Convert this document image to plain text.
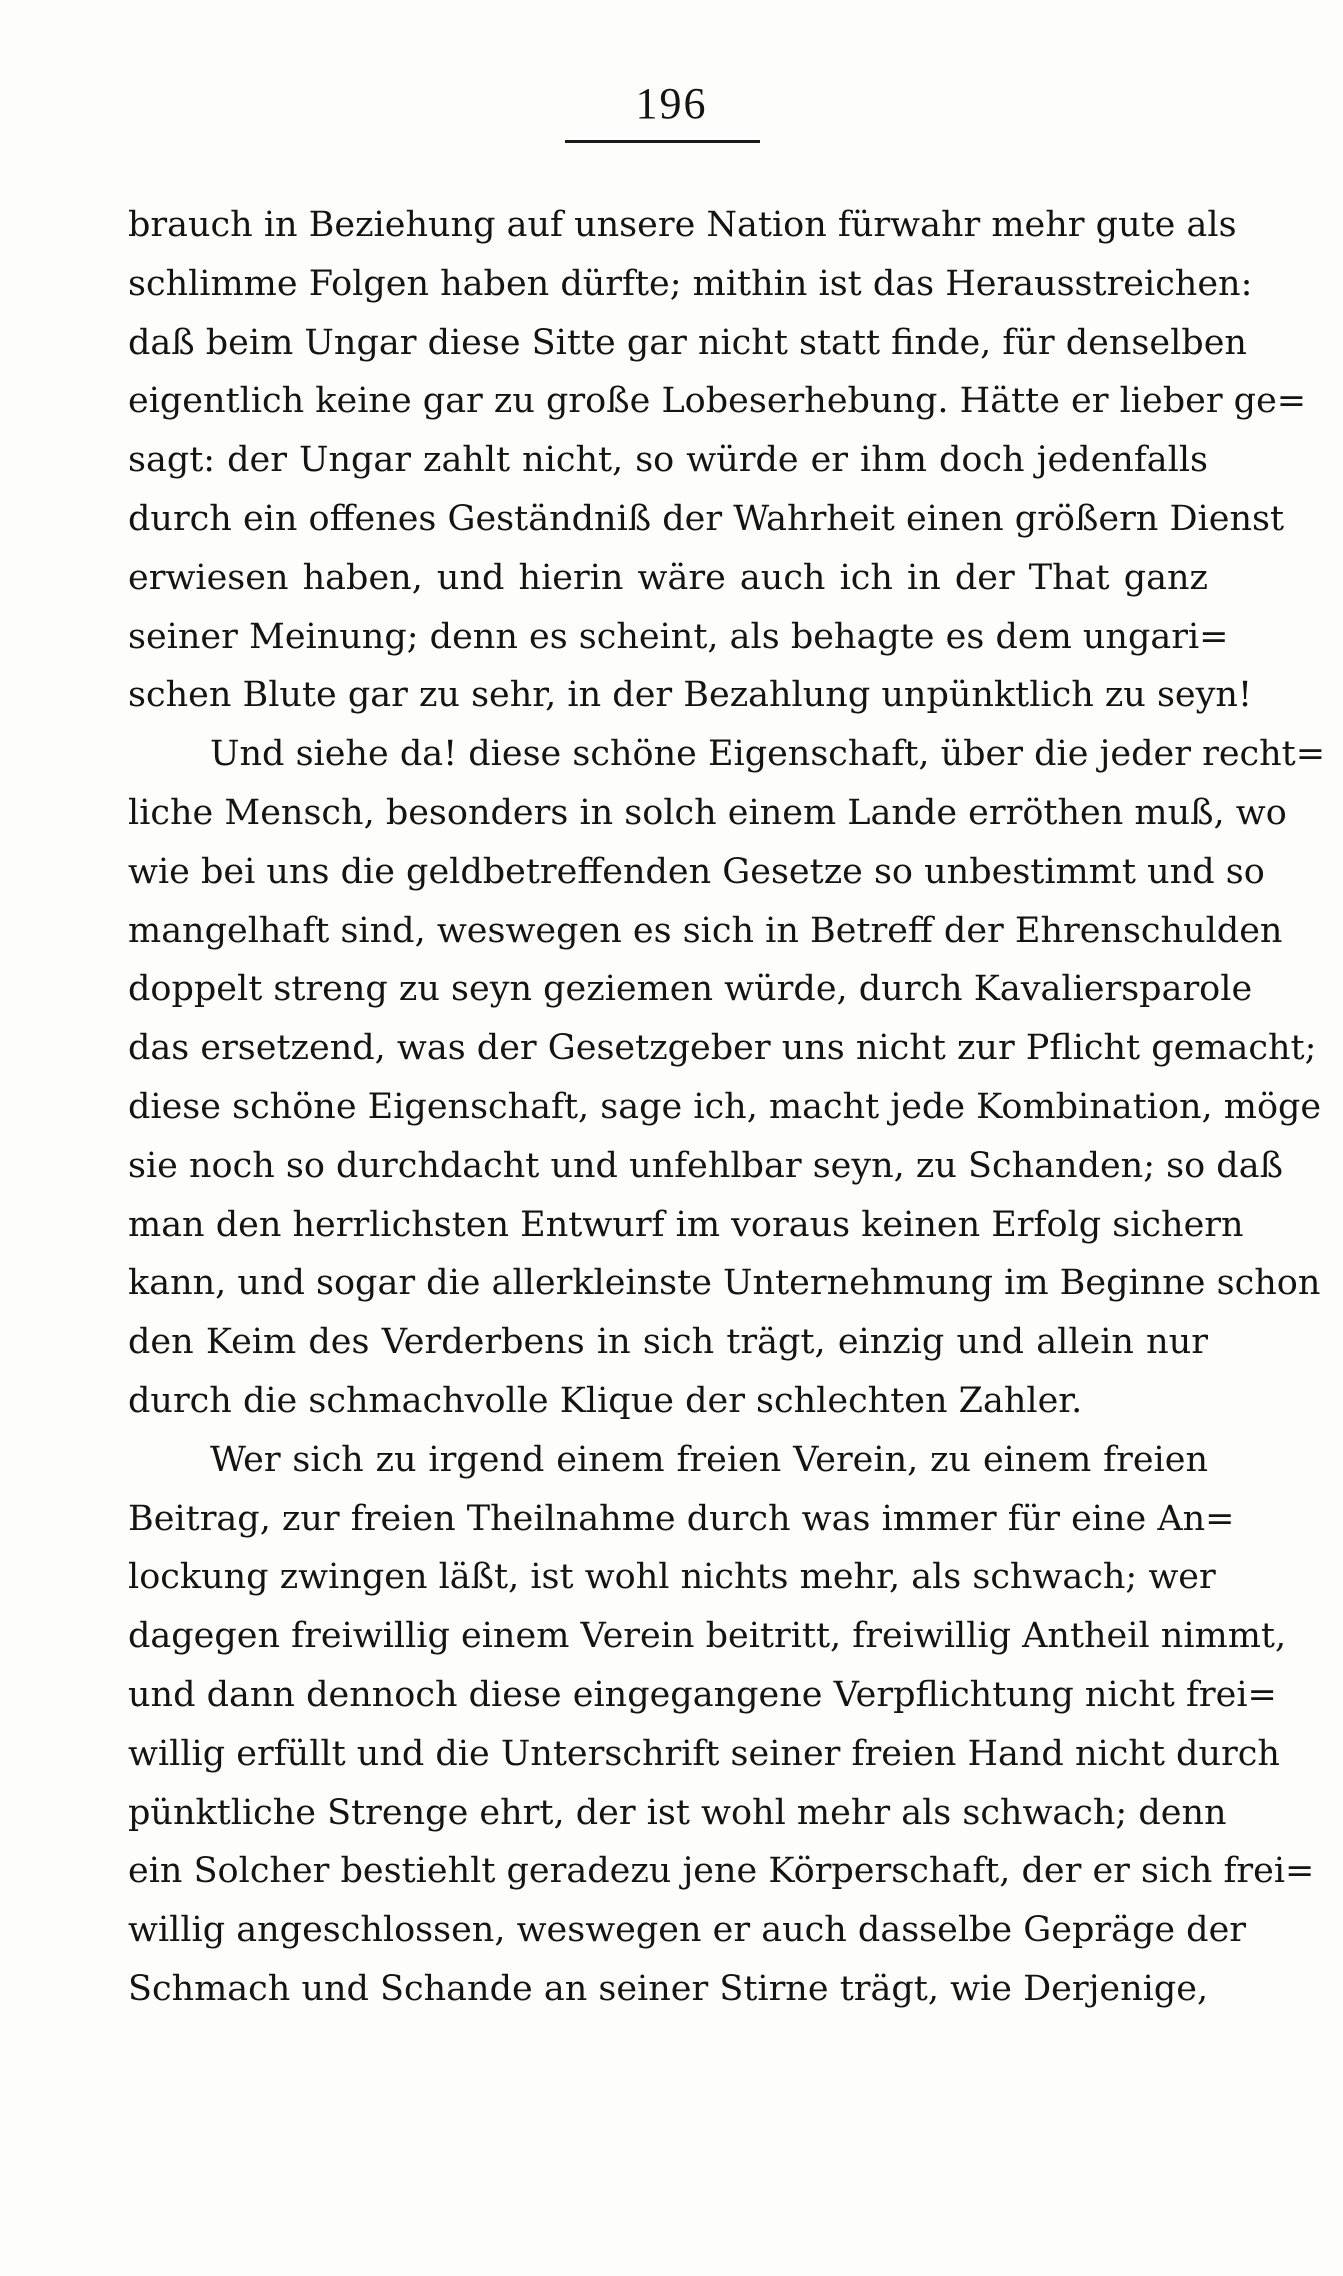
196
brauch in Beziehung auf unsere Nation fürwahr mehr gute als
schlimme Folgen haben dürfte; mithin ist das Herausstreichen:
daß beim Ungar diese Sitte gar nicht statt finde, für denselben
eigentlich keine gar zu große Lobeserhebung. Hätte er lieber ge=
sagt: der Ungar zahlt nicht, so würde er ihm doch jedenfalls
durch ein offenes Geständniß der Wahrheit einen größern Dienst
erwiesen haben, und hierin wäre auch ich in der That ganz
seiner Meinung; denn es scheint, als behagte es dem ungari=
schen Blute gar zu sehr, in der Bezahlung unpünktlich zu seyn!
Und siehe da! diese schöne Eigenschaft, über die jeder recht=
liche Mensch, besonders in solch einem Lande erröthen muß, wo
wie bei uns die geldbetreffenden Gesetze so unbestimmt und so
mangelhaft sind, weswegen es sich in Betreff der Ehrenschulden
doppelt streng zu seyn geziemen würde, durch Kavaliersparole
das ersetzend, was der Gesetzgeber uns nicht zur Pflicht gemacht;
diese schöne Eigenschaft, sage ich, macht jede Kombination, möge
sie noch so durchdacht und unfehlbar seyn, zu Schanden; so daß
man den herrlichsten Entwurf im voraus keinen Erfolg sichern
kann, und sogar die allerkleinste Unternehmung im Beginne schon
den Keim des Verderbens in sich trägt, einzig und allein nur
durch die schmachvolle Klique der schlechten Zahler.
Wer sich zu irgend einem freien Verein, zu einem freien
Beitrag, zur freien Theilnahme durch was immer für eine An=
lockung zwingen läßt, ist wohl nichts mehr, als schwach; wer
dagegen freiwillig einem Verein beitritt, freiwillig Antheil nimmt,
und dann dennoch diese eingegangene Verpflichtung nicht frei=
willig erfüllt und die Unterschrift seiner freien Hand nicht durch
pünktliche Strenge ehrt, der ist wohl mehr als schwach; denn
ein Solcher bestiehlt geradezu jene Körperschaft, der er sich frei=
willig angeschlossen, weswegen er auch dasselbe Gepräge der
Schmach und Schande an seiner Stirne trägt, wie Derjenige,
